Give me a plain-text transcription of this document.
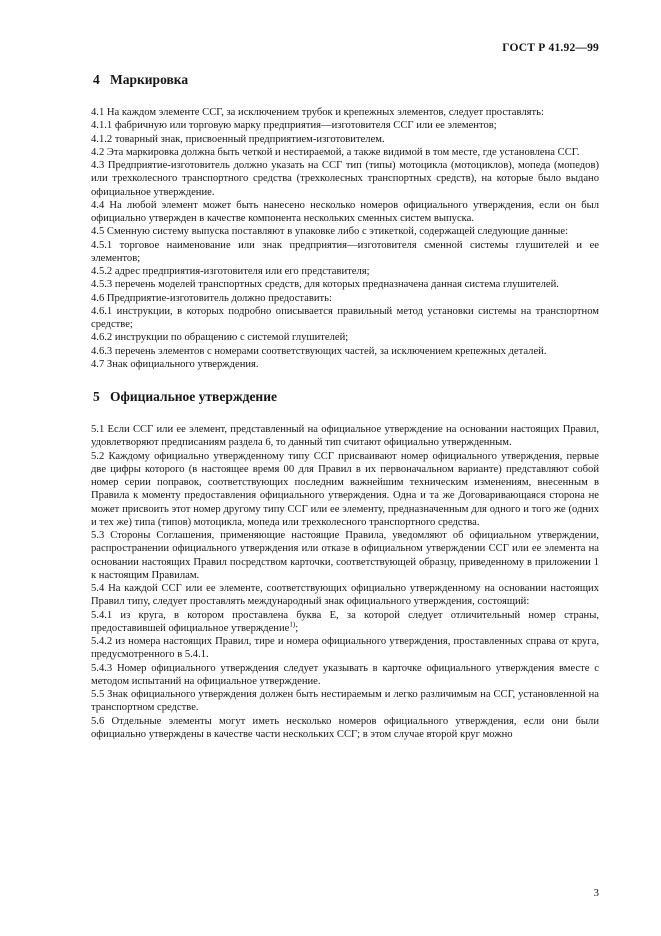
ГОСТ Р 41.92—99
4 Маркировка

4.1 На каждом элементе ССГ, за исключением трубок и крепежных элементов, следует проставлять:

4.1.1 фабричную или торговую марку предприятия—изготовителя ССГ или ее элементов;

4.1.2 товарный знак, присвоенный предприятием-изготовителем.

4.2 Эта маркировка должна быть четкой и нестираемой, а также видимой в том месте, где установлена ССГ.

4.3 Предприятие-изготовитель должно указать на ССГ тип (типы) мотоцикла (мотоциклов), мопеда (мопедов) или трехколесного транспортного средства (трехколесных транспортных средств), на которые было выдано официальное утверждение.

4.4 На любой элемент может быть нанесено несколько номеров официального утверждения, если он был официально утвержден в качестве компонента нескольких сменных систем выпуска.

4.5 Сменную систему выпуска поставляют в упаковке либо с этикеткой, содержащей следующие данные:

4.5.1 торговое наименование или знак предприятия—изготовителя сменной системы глушителей и ее элементов;

4.5.2 адрес предприятия-изготовителя или его представителя;

4.5.3 перечень моделей транспортных средств, для которых предназначена данная система глушителей.

4.6 Предприятие-изготовитель должно предоставить:

4.6.1 инструкции, в которых подробно описывается правильный метод установки системы на транспортном средстве;

4.6.2 инструкции по обращению с системой глушителей;

4.6.3 перечень элементов с номерами соответствующих частей, за исключением крепежных деталей.

4.7 Знак официального утверждения.

5 Официальное утверждение

5.1 Если ССГ или ее элемент, представленный на официальное утверждение на основании настоящих Правил, удовлетворяют предписаниям раздела 6, то данный тип считают официально утвержденным.

5.2 Каждому официально утвержденному типу ССГ присваивают номер официального утверждения, первые две цифры которого (в настоящее время 00 для Правил в их первоначальном варианте) представляют собой номер серии поправок, соответствующих последним важнейшим техническим изменениям, внесенным в Правила к моменту предоставления официального утверждения. Одна и та же Договаривающаяся сторона не может присвоить этот номер другому типу ССГ или ее элементу, предназначенным для одного и того же (одних и тех же) типа (типов) мотоцикла, мопеда или трехколесного транспортного средства.

5.3 Стороны Соглашения, применяющие настоящие Правила, уведомляют об официальном утверждении, распространении официального утверждения или отказе в официальном утверждении ССГ или ее элемента на основании настоящих Правил посредством карточки, соответствующей образцу, приведенному в приложении 1 к настоящим Правилам.

5.4 На каждой ССГ или ее элементе, соответствующих официально утвержденному на основании настоящих Правил типу, следует проставлять международный знак официального утверждения, состоящий:

5.4.1 из круга, в котором проставлена буква Е, за которой следует отличительный номер страны, предоставившей официальное утверждение$^{1)}$;

5.4.2 из номера настоящих Правил, тире и номера официального утверждения, проставленных справа от круга, предусмотренного в 5.4.1.

5.4.3 Номер официального утверждения следует указывать в карточке официального утверждения вместе с методом испытаний на официальное утверждение.

5.5 Знак официального утверждения должен быть нестираемым и легко различимым на ССГ, установленной на транспортном средстве.

5.6 Отдельные элементы могут иметь несколько номеров официального утверждения, если они были официально утверждены в качестве части нескольких ССГ; в этом случае второй круг можно

3
